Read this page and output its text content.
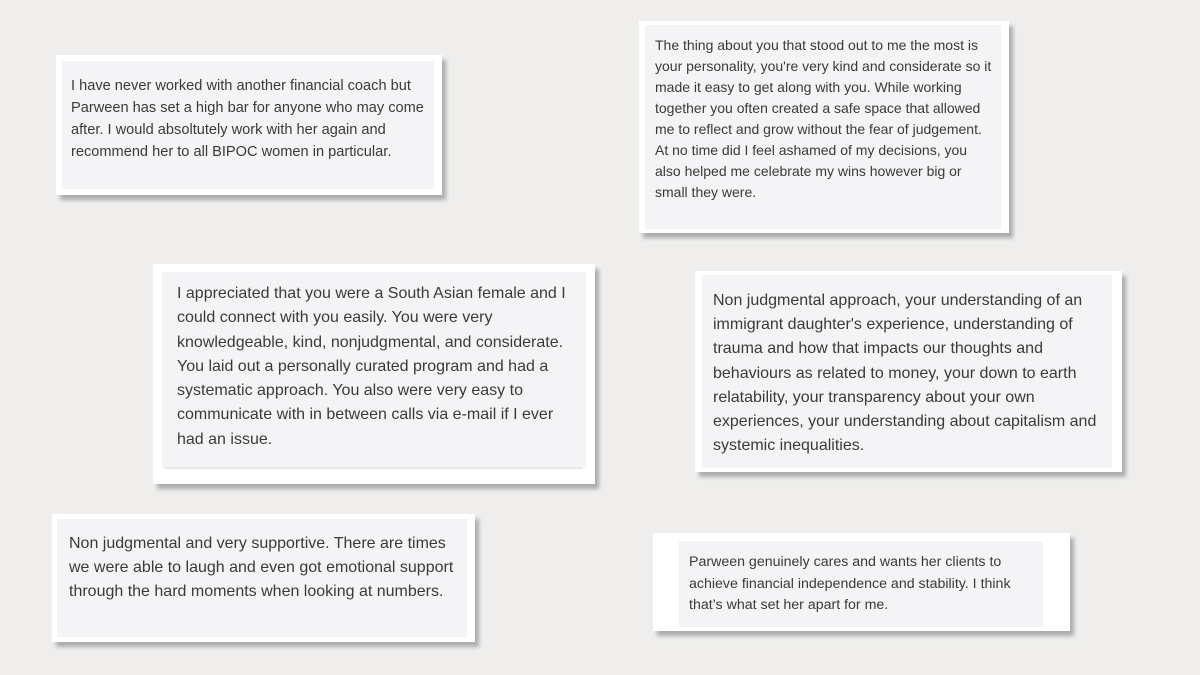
I have never worked with another financial coach but Parween has set a high bar for anyone who may come after. I would absoltutely work with her again and recommend her to all BIPOC women in particular.

The thing about you that stood out to me the most is your personality, you're very kind and considerate so it made it easy to get along with you. While working together you often created a safe space that allowed me to reflect and grow without the fear of judgement. At no time did I feel ashamed of my decisions, you also helped me celebrate my wins however big or small they were.

I appreciated that you were a South Asian female and I could connect with you easily. You were very knowledgeable, kind, nonjudgmental, and considerate. You laid out a personally curated program and had a systematic approach. You also were very easy to communicate with in between calls via e-mail if I ever had an issue.

Non judgmental approach, your understanding of an immigrant daughter's experience, understanding of trauma and how that impacts our thoughts and behaviours as related to money, your down to earth relatability, your transparency about your own experiences, your understanding about capitalism and systemic inequalities.

Non judgmental and very supportive. There are times we were able to laugh and even got emotional support through the hard moments when looking at numbers.

Parween genuinely cares and wants her clients to achieve financial independence and stability. I think that’s what set her apart for me.
